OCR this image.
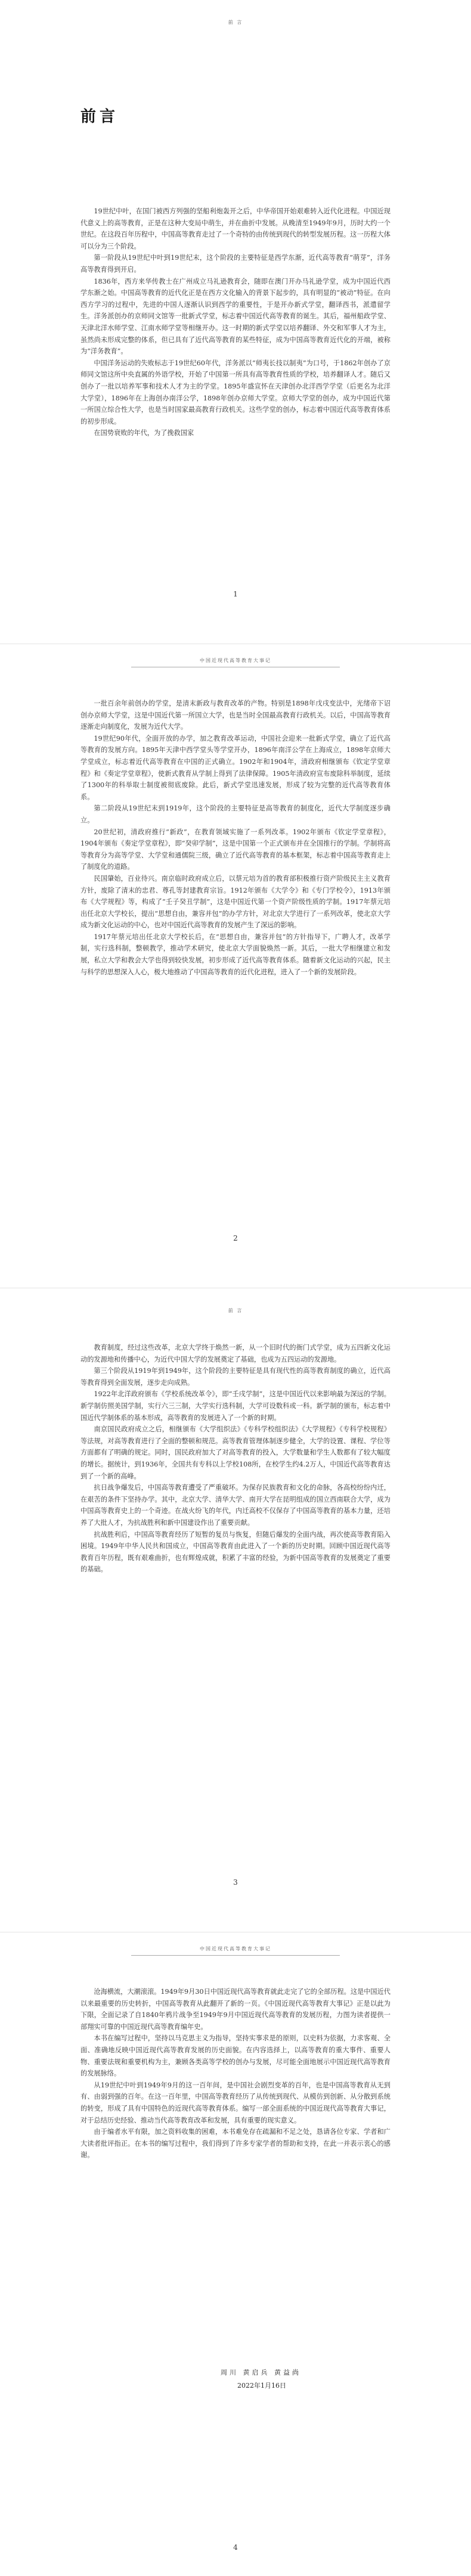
前 言
前言

19世纪中叶，在国门被西方列强的坚船利炮轰开之后，中华帝国开始艰难转入近代化进程。中国近现代意义上的高等教育，正是在这种大变局中萌生，并在曲折中发展。从晚清至1949年9月，历时大约一个世纪。在这段百年历程中，中国高等教育走过了一个奇特的由传统到现代的转型发展历程。这一历程大体可以分为三个阶段。

第一阶段从19世纪中叶到19世纪末，这个阶段的主要特征是西学东渐，近代高等教育“萌芽”，洋务高等教育得到开启。

1836年，西方来华传教士在广州成立马礼逊教育会，随即在澳门开办马礼逊学堂，成为中国近代西学东渐之始。中国高等教育的近代化正是在西方文化输入的背景下起步的，具有明显的“被动”特征。在向西方学习的过程中，先进的中国人逐渐认识到西学的重要性，于是开办新式学堂，翻译西书，派遣留学生。洋务派创办的京师同文馆等一批新式学堂，标志着中国近代高等教育的诞生。其后，福州船政学堂、天津北洋水师学堂、江南水师学堂等相继开办。这一时期的新式学堂以培养翻译、外交和军事人才为主，虽然尚未形成完整的体系，但已具有了近代高等教育的某些特征，成为中国高等教育近代化的开端，被称为“洋务教育”。

中国洋务运动的失败标志于19世纪60年代，洋务派以“师夷长技以制夷”为口号，于1862年创办了京师同文馆这所中央直属的外语学校，开始了中国第一所具有高等教育性质的学校，培养翻译人才。随后又创办了一批以培养军事和技术人才为主的学堂。1895年盛宣怀在天津创办北洋西学学堂（后更名为北洋大学堂），1896年在上海创办南洋公学，1898年创办京师大学堂。京师大学堂的创办，成为中国近代第一所国立综合性大学，也是当时国家最高教育行政机关。这些学堂的创办，标志着中国近代高等教育体系的初步形成。

在国势衰败的年代，为了挽救国家

1
中国近现代高等教育大事记

一批百余年前创办的学堂，是清末新政与教育改革的产物。特别是1898年戊戌变法中，光绪帝下诏创办京师大学堂，这是中国近代第一所国立大学，也是当时全国最高教育行政机关。以后，中国高等教育逐渐走向制度化，发展为近代大学。

19世纪90年代，全面开放的办学，加之教育改革运动，中国社会迎来一批新式学堂，确立了近代高等教育的发展方向。1895年天津中西学堂头等学堂开办，1896年南洋公学在上海成立，1898年京师大学堂成立，标志着近代高等教育在中国的正式确立。1902年和1904年，清政府相继颁布《钦定学堂章程》和《奏定学堂章程》，使新式教育从学制上得到了法律保障。1905年清政府宣布废除科举制度，延续了1300年的科举取士制度被彻底废除。此后，新式学堂迅速发展，形成了较为完整的近代高等教育体系。

第二阶段从19世纪末到1919年，这个阶段的主要特征是高等教育的制度化，近代大学制度逐步确立。

20世纪初，清政府推行“新政”，在教育领域实施了一系列改革。1902年颁布《钦定学堂章程》，1904年颁布《奏定学堂章程》，即“癸卯学制”，这是中国第一个正式颁布并在全国推行的学制。学制将高等教育分为高等学堂、大学堂和通儒院三级，确立了近代高等教育的基本框架，标志着中国高等教育走上了制度化的道路。

民国肇始，百业待兴。南京临时政府成立后，以蔡元培为首的教育部积极推行资产阶级民主主义教育方针，废除了清末的忠君、尊孔等封建教育宗旨。1912年颁布《大学令》和《专门学校令》，1913年颁布《大学规程》等，构成了“壬子癸丑学制”，这是中国近代第一个资产阶级性质的学制。1917年蔡元培出任北京大学校长，提出“思想自由，兼容并包”的办学方针，对北京大学进行了一系列改革，使北京大学成为新文化运动的中心，也对中国近代高等教育的发展产生了深远的影响。

1917年蔡元培出任北京大学校长后，在“思想自由，兼容并包”的方针指导下，广聘人才，改革学制，实行选科制，整顿教学，推动学术研究，使北京大学面貌焕然一新。其后，一批大学相继建立和发展，私立大学和教会大学也得到较快发展，初步形成了近代高等教育体系。随着新文化运动的兴起，民主与科学的思想深入人心，极大地推动了中国高等教育的近代化进程，进入了一个新的发展阶段。

2
前 言

教育制度，经过这些改革，北京大学终于焕然一新，从一个旧时代的衙门式学堂，成为五四新文化运动的发源地和传播中心，为近代中国大学的发展奠定了基础，也成为五四运动的发源地。

第三个阶段从1919年到1949年，这个阶段的主要特征是具有现代性的高等教育制度的确立，近代高等教育得到全面发展，逐步走向成熟。

1922年北洋政府颁布《学校系统改革令》，即“壬戌学制”，这是中国近代以来影响最为深远的学制。新学制仿照美国学制，实行六三三制，大学实行选科制，大学可设数科或一科。新学制的颁布，标志着中国近代学制体系的基本形成，高等教育的发展进入了一个新的时期。

南京国民政府成立之后，相继颁布《大学组织法》《专科学校组织法》《大学规程》《专科学校规程》等法规，对高等教育进行了全面的整顿和规范。高等教育管理体制逐步健全，大学的设置、课程、学位等方面都有了明确的规定。同时，国民政府加大了对高等教育的投入，大学数量和学生人数都有了较大幅度的增长。据统计，到1936年，全国共有专科以上学校108所，在校学生约4.2万人，中国近代高等教育达到了一个新的高峰。

抗日战争爆发后，中国高等教育遭受了严重破坏。为保存民族教育和文化的命脉，各高校纷纷内迁，在艰苦的条件下坚持办学。其中，北京大学、清华大学、南开大学在昆明组成的国立西南联合大学，成为中国高等教育史上的一个奇迹。在战火纷飞的年代，内迁高校不仅保存了中国高等教育的基本力量，还培养了大批人才，为抗战胜利和新中国建设作出了重要贡献。

抗战胜利后，中国高等教育经历了短暂的复员与恢复，但随后爆发的全面内战，再次使高等教育陷入困境。1949年中华人民共和国成立，中国高等教育由此进入了一个新的历史时期。回顾中国近现代高等教育百年历程，既有艰难曲折，也有辉煌成就，积累了丰富的经验，为新中国高等教育的发展奠定了重要的基础。

3
中国近现代高等教育大事记

沧海横流，大潮滚滚。1949年9月30日中国近现代高等教育就此走完了它的全部历程。这是中国近代以来最重要的历史转折，中国高等教育从此翻开了新的一页。《中国近现代高等教育大事记》正是以此为下限，全面记录了自1840年鸦片战争至1949年9月中国近现代高等教育的发展历程，力图为读者提供一部翔实可靠的中国近现代高等教育编年史。

本书在编写过程中，坚持以马克思主义为指导，坚持实事求是的原则，以史料为依据，力求客观、全面、准确地反映中国近现代高等教育发展的历史面貌。在内容选择上，以高等教育的重大事件、重要人物、重要法规和重要机构为主，兼顾各类高等学校的创办与发展，尽可能全面地展示中国近现代高等教育的发展脉络。

从19世纪中叶到1949年9月的这一百年间，是中国社会剧烈变革的百年，也是中国高等教育从无到有、由弱到强的百年。在这一百年里，中国高等教育经历了从传统到现代、从模仿到创新、从分散到系统的转变，形成了具有中国特色的近现代高等教育体系。编写一部全面系统的中国近现代高等教育大事记，对于总结历史经验、推动当代高等教育改革和发展，具有重要的现实意义。

由于编者水平有限，加之资料收集的困难，本书难免存在疏漏和不足之处，恳请各位专家、学者和广大读者批评指正。在本书的编写过程中，我们得到了许多专家学者的帮助和支持，在此一并表示衷心的感谢。

周川 黄启兵 黄益尚
2022年1月16日
4
